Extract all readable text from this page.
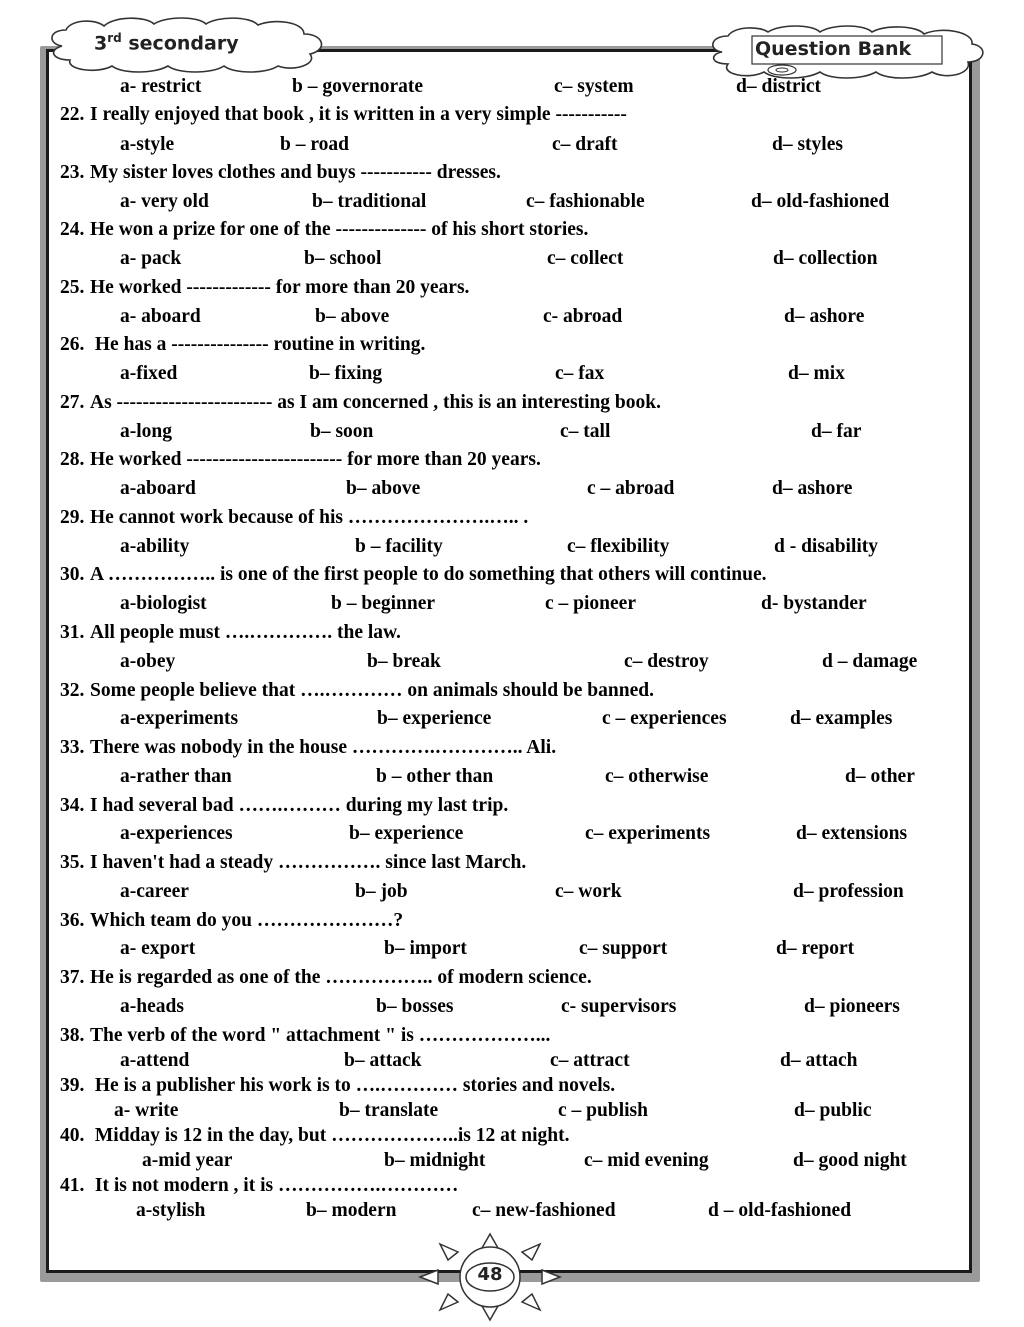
3rd secondary	Question Bank
a- restrict	b – governorate	c– system	d– district
22. I really enjoyed that book , it is written in a very simple -----------
a-style	b – road	c– draft	d– styles
23. My sister loves clothes and buys ----------- dresses.
a- very old	b– traditional	c– fashionable	d– old-fashioned
24. He won a prize for one of the -------------- of his short stories.
a- pack	b– school	c– collect	d– collection
25. He worked ------------- for more than 20 years.
a- aboard	b– above	c- abroad	d– ashore
26. He has a --------------- routine in writing.
a-fixed	b– fixing	c– fax	d– mix
27. As ------------------------ as I am concerned , this is an interesting book.
a-long	b– soon	c– tall	d– far
28. He worked ------------------------ for more than 20 years.
a-aboard	b– above	c – abroad	d– ashore
29. He cannot work because of his ………………….….. .
a-ability	b – facility	c– flexibility	d - disability
30. A …………….. is one of the first people to do something that others will continue.
a-biologist	b – beginner	c – pioneer	d- bystander
31. All people must ….…………. the law.
a-obey	b– break	c– destroy	d – damage
32. Some people believe that ….………… on animals should be banned.
a-experiments	b– experience	c – experiences	d– examples
33. There was nobody in the house ………….………….. Ali.
a-rather than	b – other than	c– otherwise	d– other
34. I had several bad …….……… during my last trip.
a-experiences	b– experience	c– experiments	d– extensions
35. I haven't had a steady ……………. since last March.
a-career	b– job	c– work	d– profession
36. Which team do you …………………?
a- export	b– import	c– support	d– report
37. He is regarded as one of the …………….. of modern science.
a-heads	b– bosses	c- supervisors	d– pioneers
38. The verb of the word " attachment " is ………………...
a-attend	b– attack	c– attract	d– attach
39. He is a publisher his work is to ….………… stories and novels.
a- write	b– translate	c – publish	d– public
40. Midday is 12 in the day, but ………………..is 12 at night.
a-mid year	b– midnight	c– mid evening	d– good night
41. It is not modern , it is …………….…………
a-stylish	b– modern	c– new-fashioned	d – old-fashioned
48
